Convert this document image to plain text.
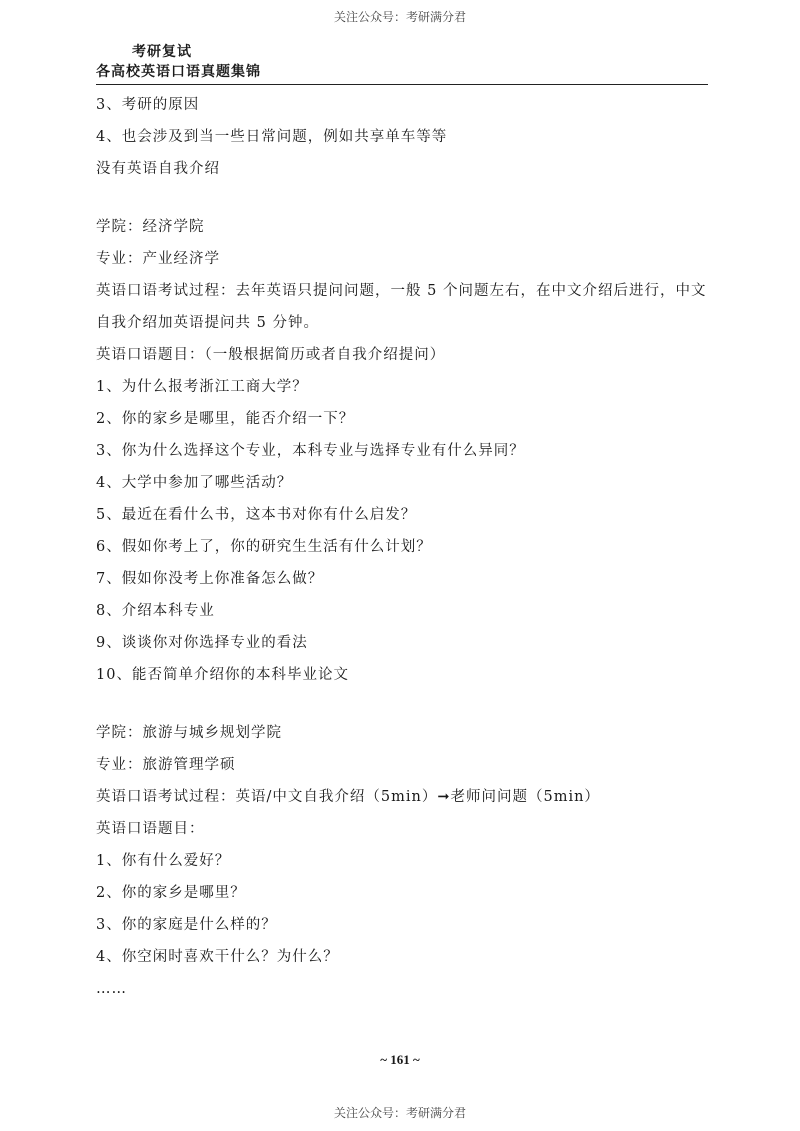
关注公众号：考研满分君
考研复试
各高校英语口语真题集锦
3、考研的原因
4、也会涉及到当一些日常问题，例如共享单车等等
没有英语自我介绍
学院：经济学院
专业：产业经济学
英语口语考试过程：去年英语只提问问题，一般 5 个问题左右，在中文介绍后进行，中文自我介绍加英语提问共 5 分钟。
英语口语题目：（一般根据简历或者自我介绍提问）
1、为什么报考浙江工商大学？
2、你的家乡是哪里，能否介绍一下？
3、你为什么选择这个专业，本科专业与选择专业有什么异同？
4、大学中参加了哪些活动？
5、最近在看什么书，这本书对你有什么启发？
6、假如你考上了，你的研究生生活有什么计划？
7、假如你没考上你准备怎么做？
8、介绍本科专业
9、谈谈你对你选择专业的看法
10、能否简单介绍你的本科毕业论文
学院：旅游与城乡规划学院
专业：旅游管理学硕
英语口语考试过程：英语/中文自我介绍（5min）➞老师问问题（5min）
英语口语题目：
1、你有什么爱好？
2、你的家乡是哪里？
3、你的家庭是什么样的？
4、你空闲时喜欢干什么？为什么？
……
~ 161 ~
关注公众号：考研满分君
